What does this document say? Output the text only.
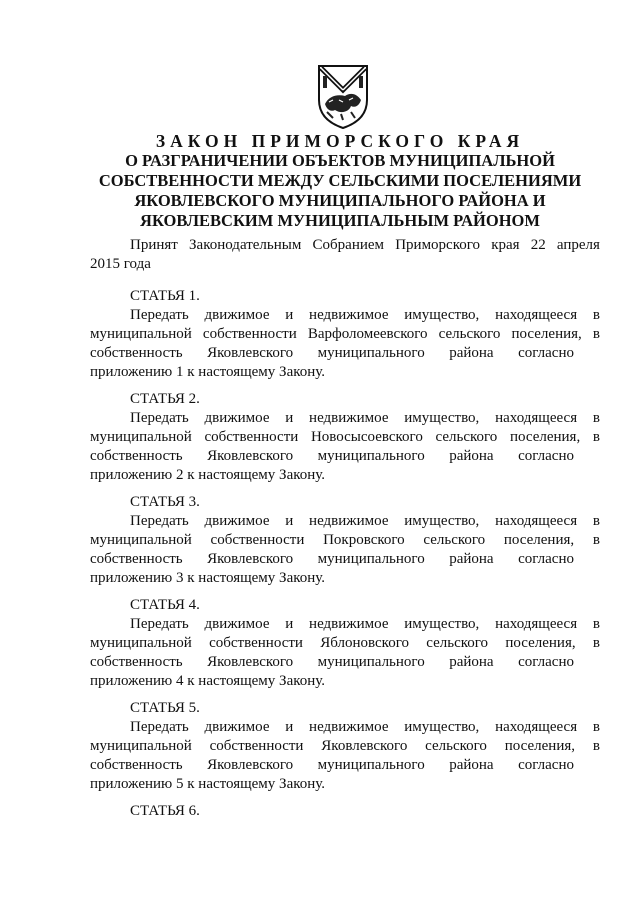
ЗАКОН ПРИМОРСКОГО КРАЯ
О РАЗГРАНИЧЕНИИ ОБЪЕКТОВ МУНИЦИПАЛЬНОЙ
СОБСТВЕННОСТИ МЕЖДУ СЕЛЬСКИМИ ПОСЕЛЕНИЯМИ
ЯКОВЛЕВСКОГО МУНИЦИПАЛЬНОГО РАЙОНА И
ЯКОВЛЕВСКИМ МУНИЦИПАЛЬНЫМ РАЙОНОМ
Принят Законодательным Собранием Приморского края 22 апреля
2015 года
СТАТЬЯ 1.
Передать движимое и недвижимое имущество, находящееся в
муниципальной собственности Варфоломеевского сельского поселения, в
собственность Яковлевского муниципального района согласно
приложению 1 к настоящему Закону.
СТАТЬЯ 2.
Передать движимое и недвижимое имущество, находящееся в
муниципальной собственности Новосысоевского сельского поселения, в
собственность Яковлевского муниципального района согласно
приложению 2 к настоящему Закону.
СТАТЬЯ 3.
Передать движимое и недвижимое имущество, находящееся в
муниципальной собственности Покровского сельского поселения, в
собственность Яковлевского муниципального района согласно
приложению 3 к настоящему Закону.
СТАТЬЯ 4.
Передать движимое и недвижимое имущество, находящееся в
муниципальной собственности Яблоновского сельского поселения, в
собственность Яковлевского муниципального района согласно
приложению 4 к настоящему Закону.
СТАТЬЯ 5.
Передать движимое и недвижимое имущество, находящееся в
муниципальной собственности Яковлевского сельского поселения, в
собственность Яковлевского муниципального района согласно
приложению 5 к настоящему Закону.
СТАТЬЯ 6.
